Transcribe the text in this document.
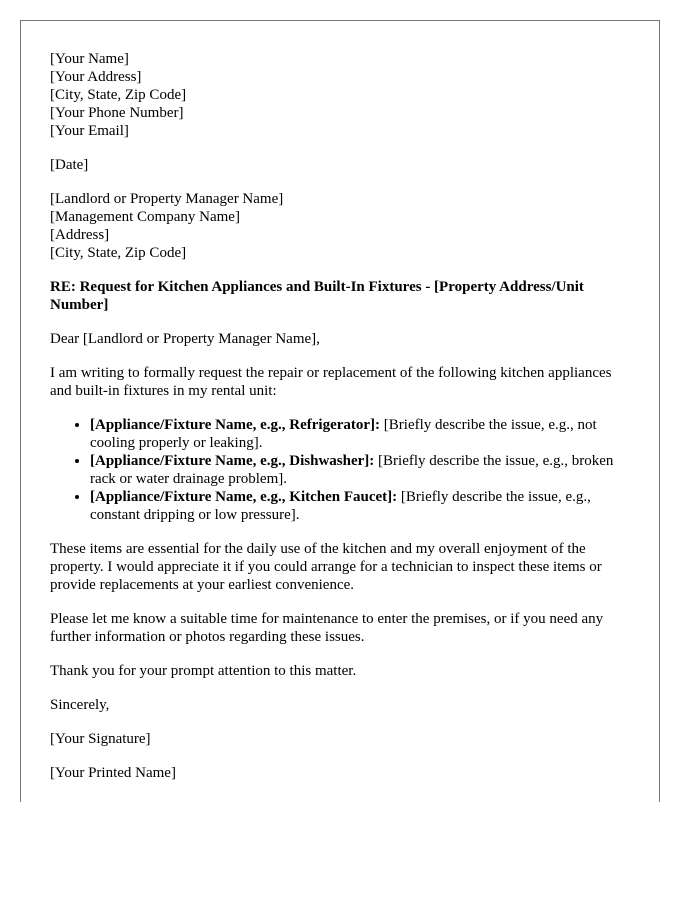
[Your Name]
[Your Address]
[City, State, Zip Code]
[Your Phone Number]
[Your Email]

[Date]

[Landlord or Property Manager Name]
[Management Company Name]
[Address]
[City, State, Zip Code]

RE: Request for Kitchen Appliances and Built-In Fixtures - [Property Address/Unit Number]

Dear [Landlord or Property Manager Name],

I am writing to formally request the repair or replacement of the following kitchen appliances and built-in fixtures in my rental unit:

• [Appliance/Fixture Name, e.g., Refrigerator]: [Briefly describe the issue, e.g., not cooling properly or leaking].
• [Appliance/Fixture Name, e.g., Dishwasher]: [Briefly describe the issue, e.g., broken rack or water drainage problem].
• [Appliance/Fixture Name, e.g., Kitchen Faucet]: [Briefly describe the issue, e.g., constant dripping or low pressure].

These items are essential for the daily use of the kitchen and my overall enjoyment of the property. I would appreciate it if you could arrange for a technician to inspect these items or provide replacements at your earliest convenience.

Please let me know a suitable time for maintenance to enter the premises, or if you need any further information or photos regarding these issues.

Thank you for your prompt attention to this matter.

Sincerely,

[Your Signature]

[Your Printed Name]
